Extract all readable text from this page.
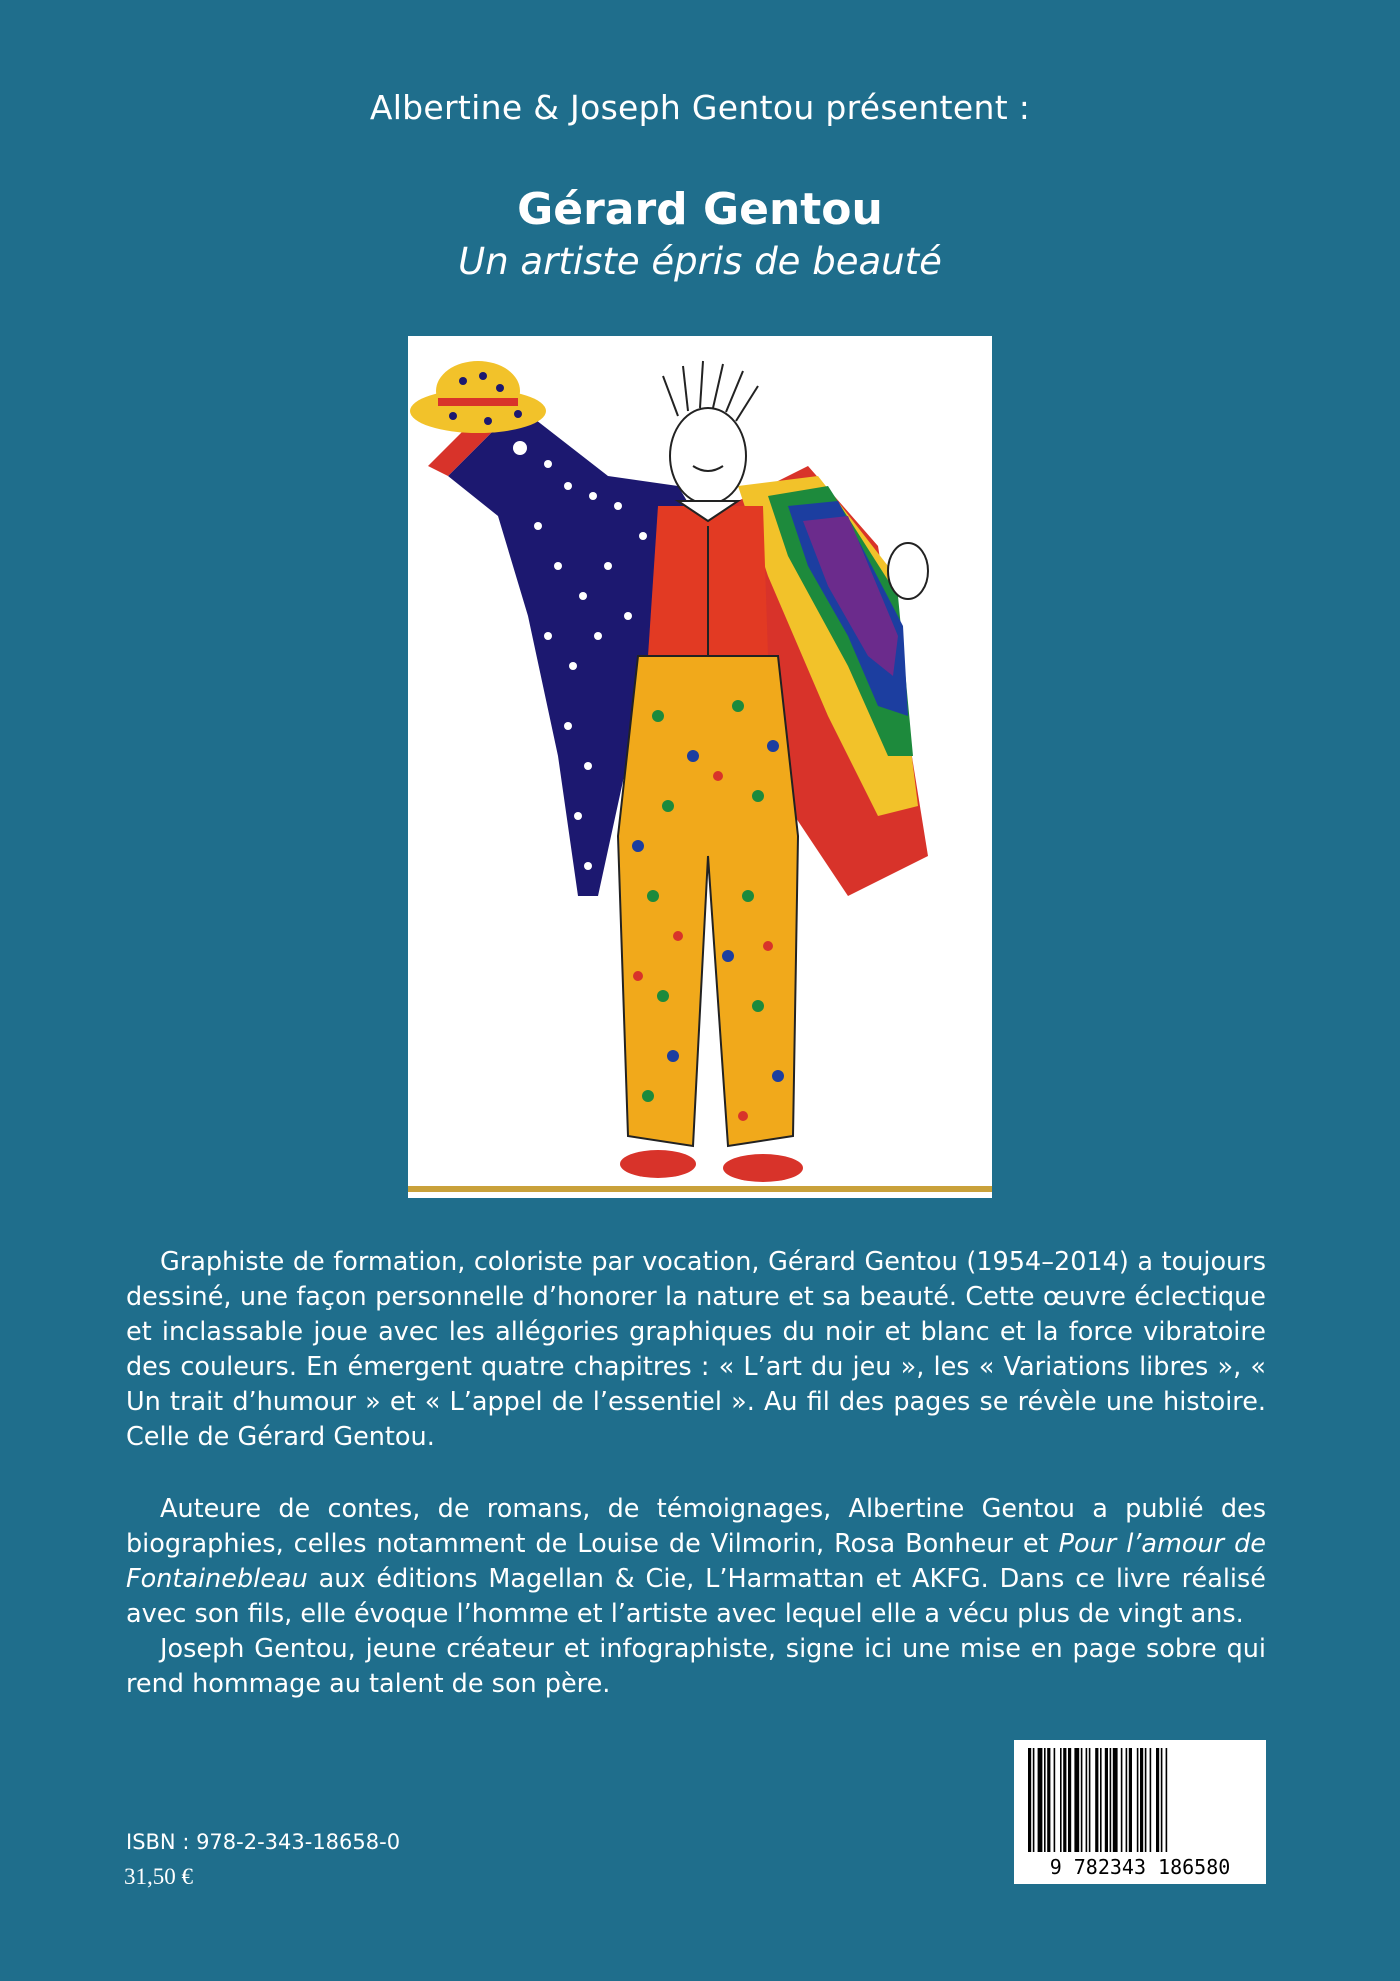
Albertine & Joseph Gentou présentent :
Gérard Gentou
Un artiste épris de beauté

Graphiste de formation, coloriste par vocation, Gérard Gentou (1954–2014) a toujours dessiné, une façon personnelle d’honorer la nature et sa beauté. Cette œuvre éclectique et inclassable joue avec les allégories graphiques du noir et blanc et la force vibratoire des couleurs. En émergent quatre chapitres : « L’art du jeu », les « Variations libres », « Un trait d’humour » et « L’appel de l’essentiel ». Au fil des pages se révèle une histoire. Celle de Gérard Gentou.

Auteure de contes, de romans, de témoignages, Albertine Gentou a publié des biographies, celles notamment de Louise de Vilmorin, Rosa Bonheur et Pour l’amour de Fontainebleau aux éditions Magellan & Cie, L’Harmattan et AKFG. Dans ce livre réalisé avec son fils, elle évoque l’homme et l’artiste avec lequel elle a vécu plus de vingt ans.

Joseph Gentou, jeune créateur et infographiste, signe ici une mise en page sobre qui rend hommage au talent de son père.

9 782343 186580
ISBN : 978-2-343-18658-0
31,50 €
